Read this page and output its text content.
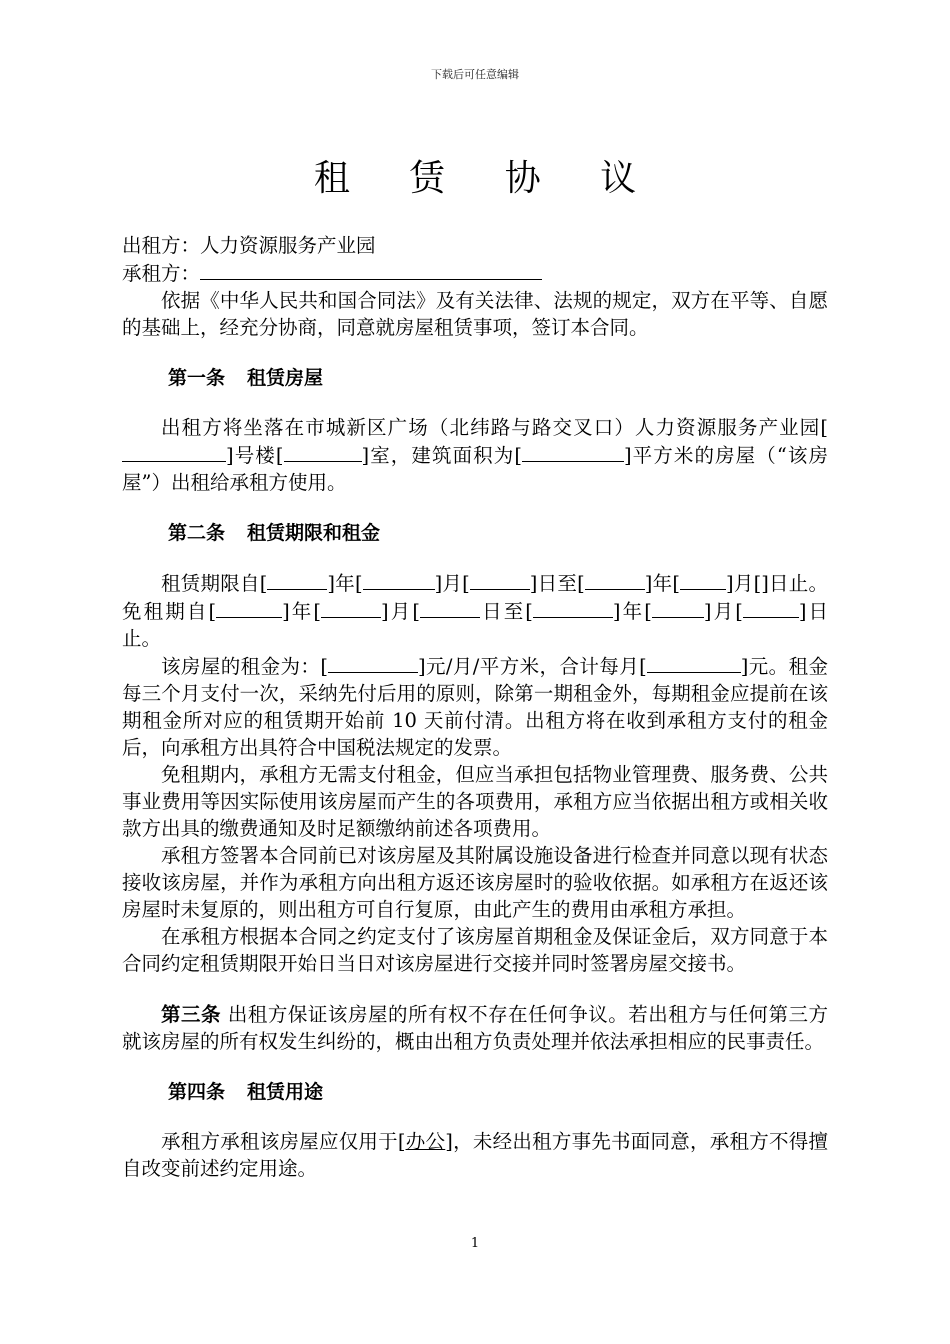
下载后可任意编辑
租 赁 协 议
出租方：人力资源服务产业园
承租方：
依据《中华人民共和国合同法》及有关法律、法规的规定，双方在平等、自愿的基础上，经充分协商，同意就房屋租赁事项，签订本合同。
第一条 租赁房屋
出租方将坐落在市城新区广场（北纬路与路交叉口）人力资源服务产业园[]号楼[	]室，建筑面积为[	]平方米的房屋（“该房屋”）出租给承租方使用。
第二条 租赁期限和租金
租赁期限自[	]年[	]月[	]日至[	]年[ ]月[]日止。免租期自[	]年[	]月[	日至[	]年[	]月[	]日止。
该房屋的租金为：[	]元/月/平方米，合计每月[	]元。租金每三个月支付一次，采纳先付后用的原则，除第一期租金外，每期租金应提前在该期租金所对应的租赁期开始前 10 天前付清。出租方将在收到承租方支付的租金后，向承租方出具符合中国税法规定的发票。
免租期内，承租方无需支付租金，但应当承担包括物业管理费、服务费、公共事业费用等因实际使用该房屋而产生的各项费用，承租方应当依据出租方或相关收款方出具的缴费通知及时足额缴纳前述各项费用。
承租方签署本合同前已对该房屋及其附属设施设备进行检查并同意以现有状态接收该房屋，并作为承租方向出租方返还该房屋时的验收依据。如承租方在返还该房屋时未复原的，则出租方可自行复原，由此产生的费用由承租方承担。
在承租方根据本合同之约定支付了该房屋首期租金及保证金后，双方同意于本合同约定租赁期限开始日当日对该房屋进行交接并同时签署房屋交接书。
第三条 出租方保证该房屋的所有权不存在任何争议。若出租方与任何第三方就该房屋的所有权发生纠纷的，概由出租方负责处理并依法承担相应的民事责任。
第四条 租赁用途
承租方承租该房屋应仅用于[办公]，未经出租方事先书面同意，承租方不得擅自改变前述约定用途。
1
